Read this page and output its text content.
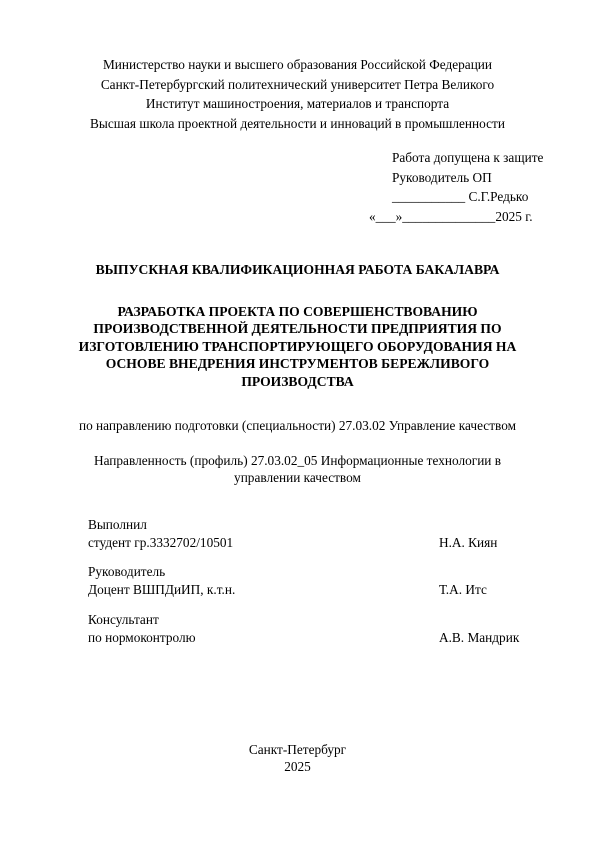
Министерство науки и высшего образования Российской Федерации
Санкт-Петербургский политехнический университет Петра Великого
Институт машиностроения, материалов и транспорта
Высшая школа проектной деятельности и инноваций в промышленности
Работа допущена к защите
Руководитель ОП
___________ С.Г.Редько
«___»______________2025 г.
ВЫПУСКНАЯ КВАЛИФИКАЦИОННАЯ РАБОТА БАКАЛАВРА
РАЗРАБОТКА ПРОЕКТА ПО СОВЕРШЕНСТВОВАНИЮ
ПРОИЗВОДСТВЕННОЙ ДЕЯТЕЛЬНОСТИ ПРЕДПРИЯТИЯ ПО
ИЗГОТОВЛЕНИЮ ТРАНСПОРТИРУЮЩЕГО ОБОРУДОВАНИЯ НА
ОСНОВЕ ВНЕДРЕНИЯ ИНСТРУМЕНТОВ БЕРЕЖЛИВОГО
ПРОИЗВОДСТВА
по направлению подготовки (специальности) 27.03.02 Управление качеством
Направленность (профиль) 27.03.02_05 Информационные технологии в
управлении качеством
Выполнил
студент гр.3332702/10501	Н.А. Киян
Руководитель
Доцент ВШПДиИП, к.т.н.	Т.А. Итс
Консультант
по нормоконтролю	А.В. Мандрик
Санкт-Петербург
2025
